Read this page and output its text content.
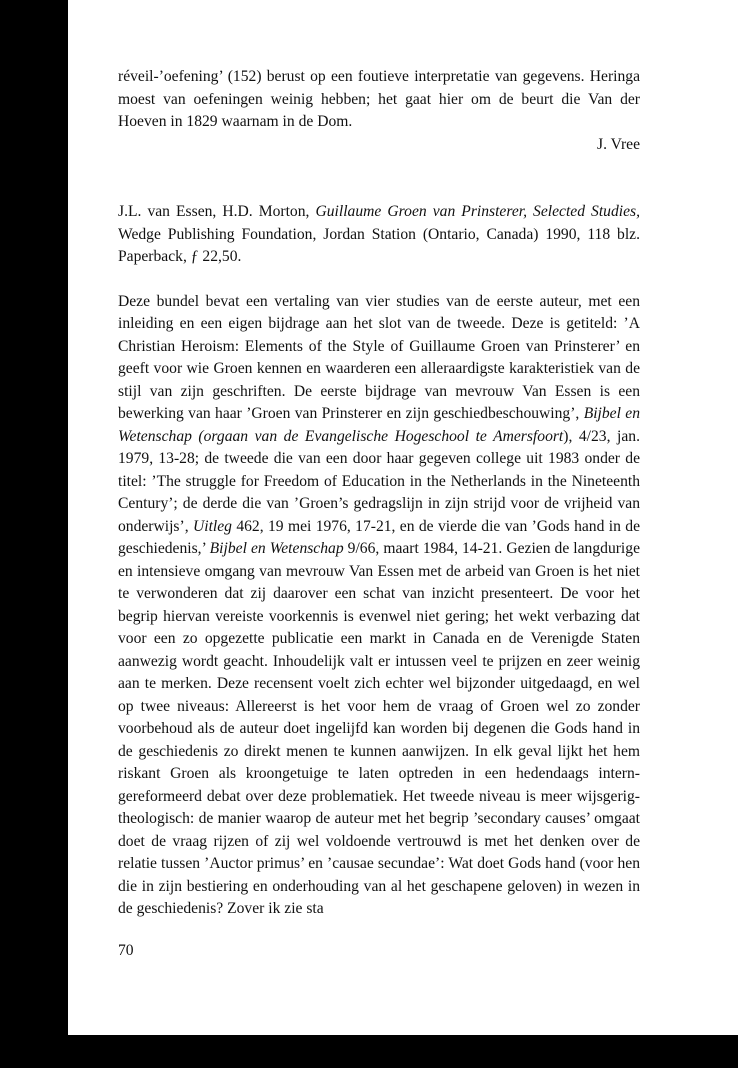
réveil-’oefening’ (152) berust op een foutieve interpretatie van gegevens. Heringa moest van oefeningen weinig hebben; het gaat hier om de beurt die Van der Hoeven in 1829 waarnam in de Dom.

J. Vree

J.L. van Essen, H.D. Morton, Guillaume Groen van Prinsterer, Selected Studies, Wedge Publishing Foundation, Jordan Station (Ontario, Canada) 1990, 118 blz. Paperback, ƒ 22,50.

Deze bundel bevat een vertaling van vier studies van de eerste auteur, met een inleiding en een eigen bijdrage aan het slot van de tweede. Deze is getiteld: ’A Christian Heroism: Elements of the Style of Guillaume Groen van Prinsterer’ en geeft voor wie Groen kennen en waarderen een alleraardigste karakteristiek van de stijl van zijn geschriften. De eerste bijdrage van mevrouw Van Essen is een bewerking van haar ’Groen van Prinsterer en zijn geschiedbeschouwing’, Bijbel en Wetenschap (orgaan van de Evangelische Hogeschool te Amersfoort), 4/23, jan. 1979, 13-28; de tweede die van een door haar gegeven college uit 1983 onder de titel: ’The struggle for Freedom of Education in the Netherlands in the Nineteenth Century’; de derde die van ’Groen’s gedragslijn in zijn strijd voor de vrijheid van onderwijs’, Uitleg 462, 19 mei 1976, 17-21, en de vierde die van ’Gods hand in de geschiedenis,’ Bijbel en Wetenschap 9/66, maart 1984, 14-21. Gezien de langdurige en intensieve omgang van mevrouw Van Essen met de arbeid van Groen is het niet te verwonderen dat zij daarover een schat van inzicht presenteert. De voor het begrip hiervan vereiste voorkennis is evenwel niet gering; het wekt verbazing dat voor een zo opgezette publicatie een markt in Canada en de Verenigde Staten aanwezig wordt geacht. Inhoudelijk valt er intussen veel te prijzen en zeer weinig aan te merken. Deze recensent voelt zich echter wel bijzonder uitgedaagd, en wel op twee niveaus: Allereerst is het voor hem de vraag of Groen wel zo zonder voorbehoud als de auteur doet ingelijfd kan worden bij degenen die Gods hand in de geschiedenis zo direkt menen te kunnen aanwijzen. In elk geval lijkt het hem riskant Groen als kroongetuige te laten optreden in een hedendaags intern-gereformeerd debat over deze problematiek. Het tweede niveau is meer wijsgerig-theologisch: de manier waarop de auteur met het begrip ’secondary causes’ omgaat doet de vraag rijzen of zij wel voldoende vertrouwd is met het denken over de relatie tussen ’Auctor primus’ en ’causae secundae’: Wat doet Gods hand (voor hen die in zijn bestiering en onderhouding van al het geschapene geloven) in wezen in de geschiedenis? Zover ik zie sta

70
